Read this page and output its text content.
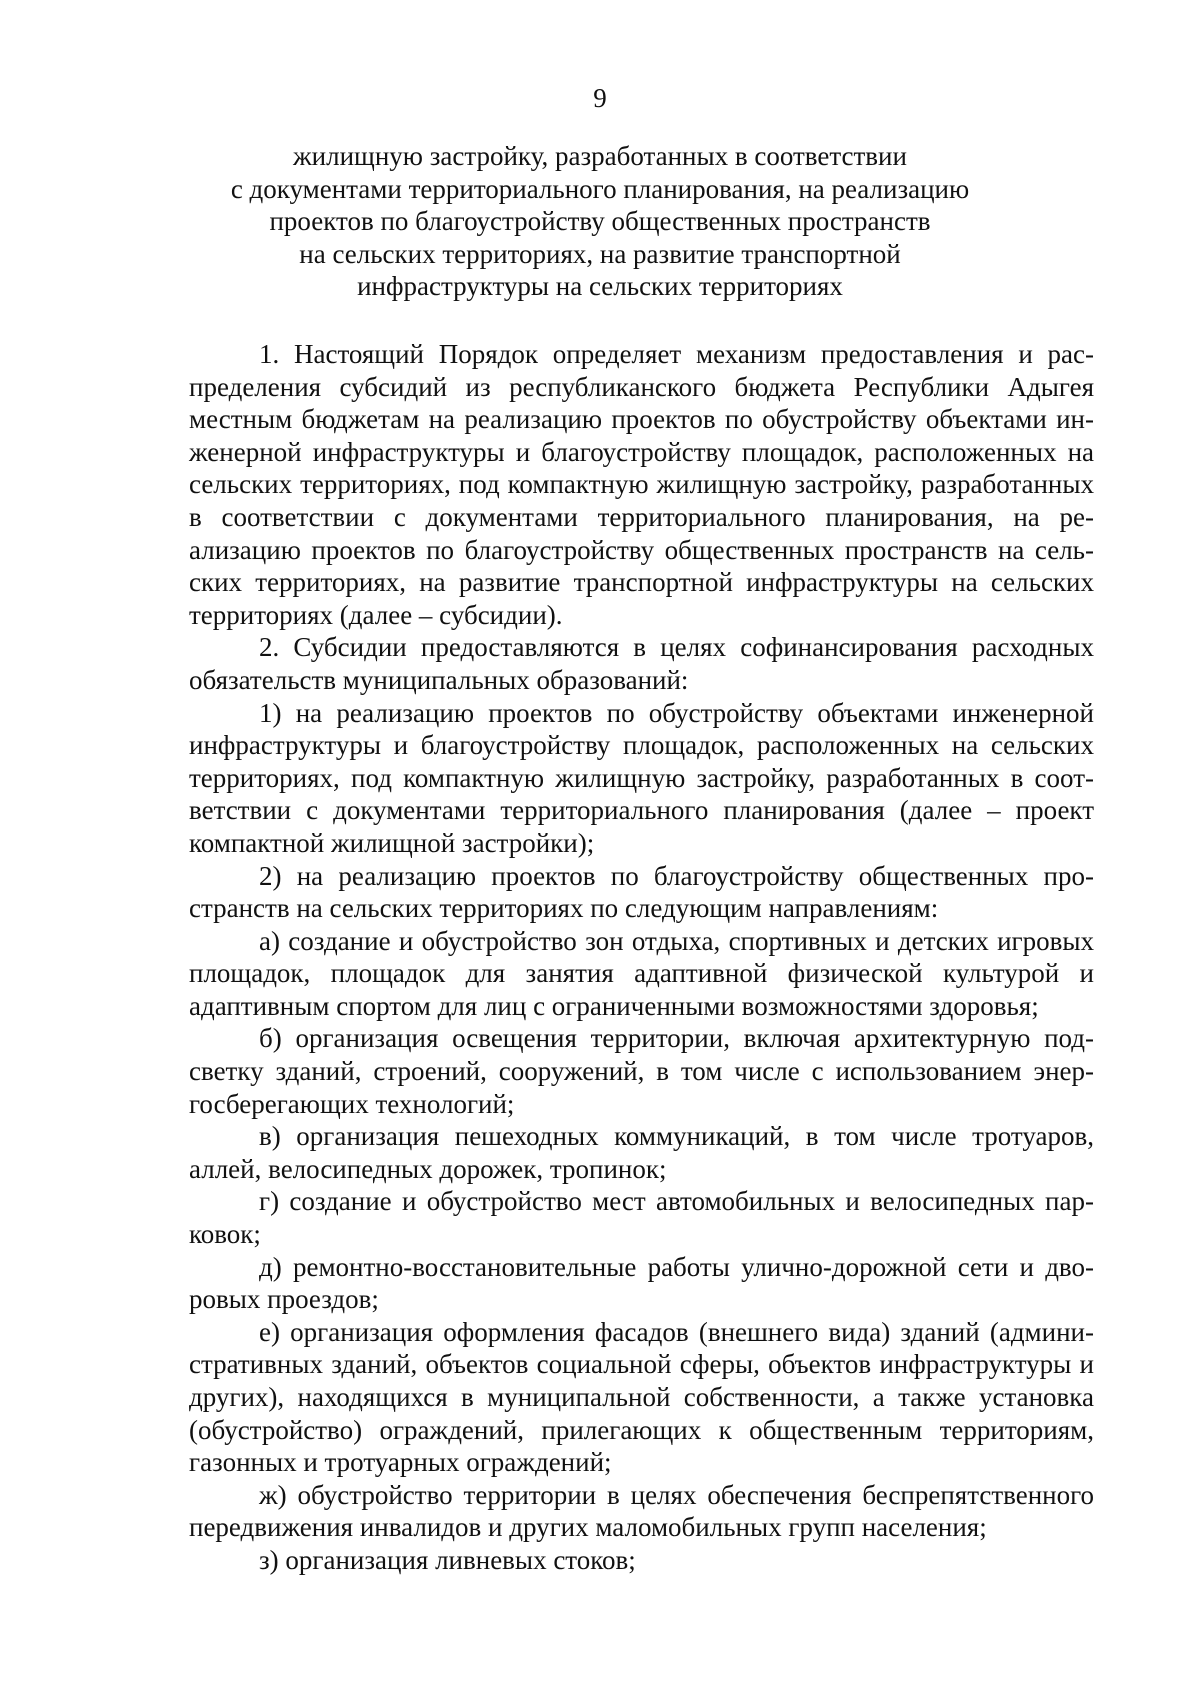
9
жилищную застройку, разработанных в соответствии
с документами территориального планирования, на реализацию
проектов по благоустройству общественных пространств
на сельских территориях, на развитие транспортной
инфраструктуры на сельских территориях

1. Настоящий Порядок определяет механизм предоставления и распределения субсидий из республиканского бюджета Республики Адыгея местным бюджетам на реализацию проектов по обустройству объектами инженерной инфраструктуры и благоустройству площадок, расположенных на сельских территориях, под компактную жилищную застройку, разработанных в соответствии с документами территориального планирования, на реализацию проектов по благоустройству общественных пространств на сельских территориях, на развитие транспортной инфраструктуры на сельских территориях (далее – субсидии).

2. Субсидии предоставляются в целях софинансирования расходных обязательств муниципальных образований:

1) на реализацию проектов по обустройству объектами инженерной инфраструктуры и благоустройству площадок, расположенных на сельских территориях, под компактную жилищную застройку, разработанных в соответствии с документами территориального планирования (далее – проект компактной жилищной застройки);

2) на реализацию проектов по благоустройству общественных пространств на сельских территориях по следующим направлениям:

а) создание и обустройство зон отдыха, спортивных и детских игровых площадок, площадок для занятия адаптивной физической культурой и адаптивным спортом для лиц с ограниченными возможностями здоровья;

б) организация освещения территории, включая архитектурную подсветку зданий, строений, сооружений, в том числе с использованием энергосберегающих технологий;

в) организация пешеходных коммуникаций, в том числе тротуаров, аллей, велосипедных дорожек, тропинок;

г) создание и обустройство мест автомобильных и велосипедных парковок;

д) ремонтно-восстановительные работы улично-дорожной сети и дворовых проездов;

е) организация оформления фасадов (внешнего вида) зданий (административных зданий, объектов социальной сферы, объектов инфраструктуры и других), находящихся в муниципальной собственности, а также установка (обустройство) ограждений, прилегающих к общественным территориям, газонных и тротуарных ограждений;

ж) обустройство территории в целях обеспечения беспрепятственного передвижения инвалидов и других маломобильных групп населения;

з) организация ливневых стоков;
